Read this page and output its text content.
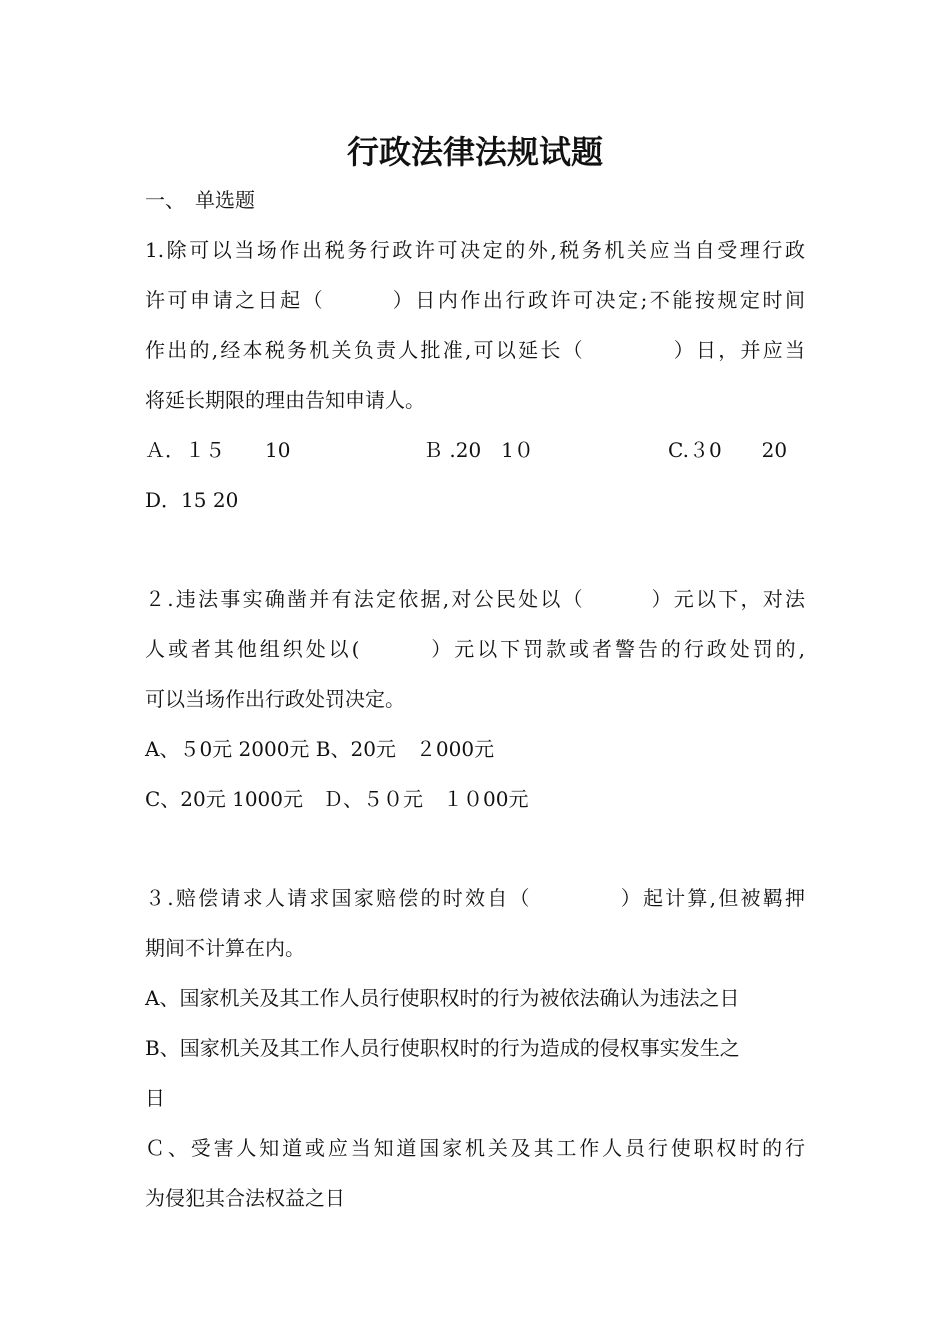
行政法律法规试题
一、　单选题
1.除可以当场作出税务行政许可决定的外,税务机关应当自受理行政
许可申请之日起（　　　）日内作出行政许可决定;不能按规定时间
作出的,经本税务机关负责人批准,可以延长（　　　　）日，并应当
将延长期限的理由告知申请人。
Ａ．１５　　10	Ｂ .20　1０	C.３0　　20
D．15 20
２.违法事实确凿并有法定依据,对公民处以（　　　）元以下，对法
人或者其他组织处以(　　　）元以下罚款或者警告的行政处罚的,
可以当场作出行政处罚决定。
A、５0元 2000元 B、20元　２000元
C、20元 1000元　Ｄ、５０元　１０00元
３.赔偿请求人请求国家赔偿的时效自（　　　　）起计算,但被羁押
期间不计算在内。
A、国家机关及其工作人员行使职权时的行为被依法确认为违法之日
B、国家机关及其工作人员行使职权时的行为造成的侵权事实发生之
日
Ｃ、受害人知道或应当知道国家机关及其工作人员行使职权时的行
为侵犯其合法权益之日
